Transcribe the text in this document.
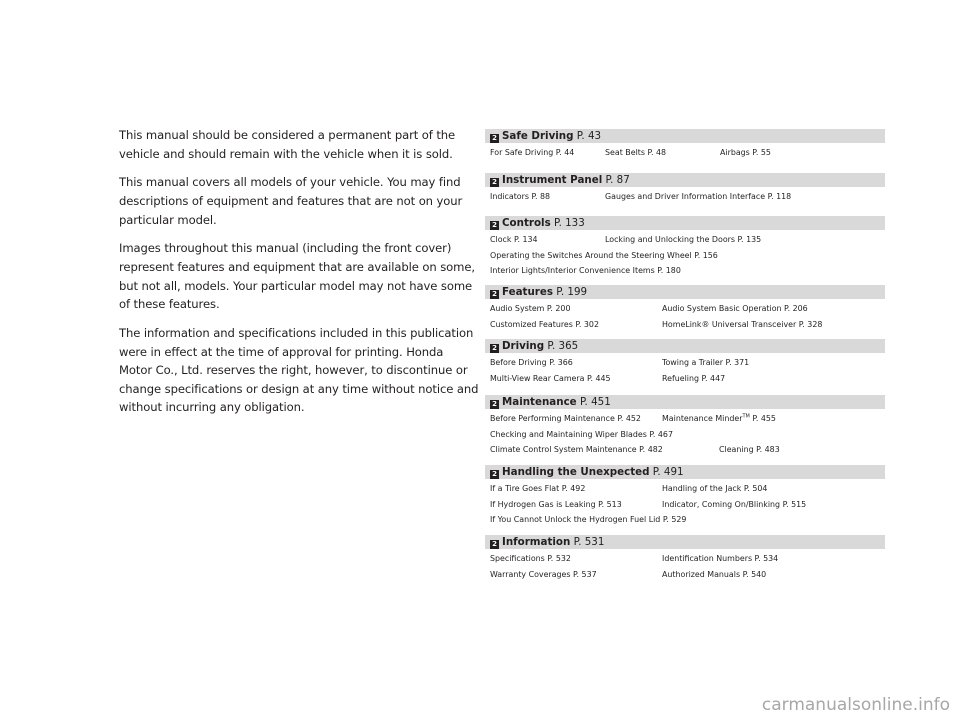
This manual should be considered a permanent part of the vehicle and should remain with the vehicle when it is sold.

This manual covers all models of your vehicle. You may find descriptions of equipment and features that are not on your particular model.

Images throughout this manual (including the front cover) represent features and equipment that are available on some, but not all, models. Your particular model may not have some of these features.

The information and specifications included in this publication were in effect at the time of approval for printing. Honda Motor Co., Ltd. reserves the right, however, to discontinue or change specifications or design at any time without notice and without incurring any obligation.

2 Safe Driving P. 43
For Safe Driving P. 44	Seat Belts P. 48	Airbags P. 55
2 Instrument Panel P. 87
Indicators P. 88	Gauges and Driver Information Interface P. 118
2 Controls P. 133
Clock P. 134	Locking and Unlocking the Doors P. 135
Operating the Switches Around the Steering Wheel P. 156
Interior Lights/Interior Convenience Items P. 180
2 Features P. 199
Audio System P. 200	Audio System Basic Operation P. 206
Customized Features P. 302	HomeLink® Universal Transceiver P. 328
2 Driving P. 365
Before Driving P. 366	Towing a Trailer P. 371
Multi-View Rear Camera P. 445	Refueling P. 447
2 Maintenance P. 451
Before Performing Maintenance P. 452	Maintenance Minder™ P. 455
Checking and Maintaining Wiper Blades P. 467
Climate Control System Maintenance P. 482	Cleaning P. 483
2 Handling the Unexpected P. 491
If a Tire Goes Flat P. 492	Handling of the Jack P. 504
If Hydrogen Gas is Leaking P. 513	Indicator, Coming On/Blinking P. 515
If You Cannot Unlock the Hydrogen Fuel Lid P. 529
2 Information P. 531
Specifications P. 532	Identification Numbers P. 534
Warranty Coverages P. 537	Authorized Manuals P. 540
carmanualsonline.info
